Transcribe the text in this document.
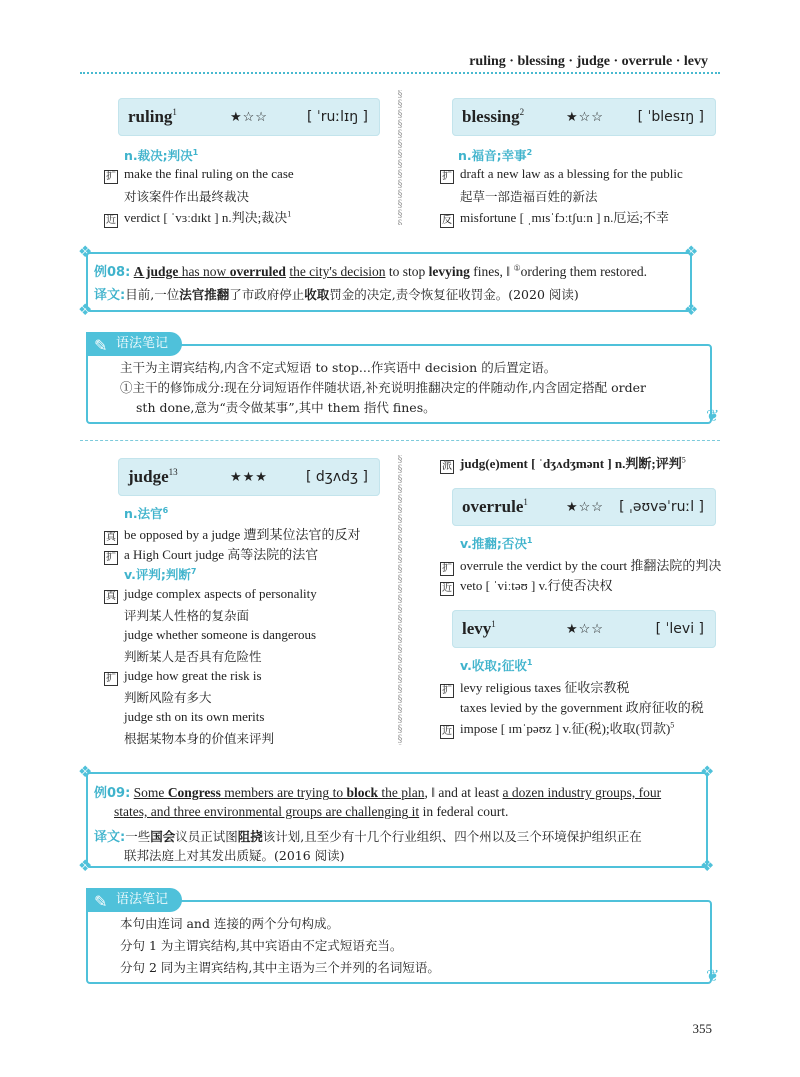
ruling · blessing · judge · overrule · levy
§§§§§§§§§§§§§§§§§§§§§§§§§§§§§§§§§§§§§§§§§§§§§§§§§§§
§§§§§§§§§§§§§§§§§§§§§§§§§§§§§§§§§§§§§§§§§§§§§§§§§§§
ruling$^1$	★☆☆	[ ˈruːlɪŋ ]
n.裁决;判决$^1$
扩 make the final ruling on the case
对该案件作出最终裁决
近 verdict [ ˈvɜːdɪkt ] n.判决;裁决$^1$
blessing$^2$	★☆☆ [ ˈblesɪŋ ]
n.福音;幸事$^2$
扩 draft a new law as a blessing for the public
起草一部造福百姓的新法
反 misfortune [ ˌmɪsˈfɔːtʃuːn ] n.厄运;不幸
例08: A judge has now overruled the city's decision to stop levying fines, ‖ ①ordering them restored.
译文:目前,一位法官推翻了市政府停止收取罚金的决定,责令恢复征收罚金。(2020 阅读)
❖	❖
❖	❖
✎ 语法笔记
主干为主谓宾结构,内含不定式短语 to stop...作宾语中 decision 的后置定语。
①主干的修饰成分:现在分词短语作伴随状语,补充说明推翻决定的伴随动作,内含固定搭配 order
sth done,意为“责令做某事”,其中 them 指代 fines。	❦
judge$^{13}$	★★★	[ dʒʌdʒ ]
n.法官$^6$
真 be opposed by a judge 遭到某位法官的反对
扩 a High Court judge 高等法院的法官
v.评判;判断$^7$
真 judge complex aspects of personality
评判某人性格的复杂面
judge whether someone is dangerous
判断某人是否具有危险性
扩 judge how great the risk is
判断风险有多大
judge sth on its own merits
根据某物本身的价值来评判
派 judg(e)ment [ ˈdʒʌdʒmənt ] n.判断;评判$^5$
overrule$^1$	★☆☆ [ ˌəʊvəˈruːl ]
v.推翻;否决$^1$
扩 overrule the verdict by the court 推翻法院的判决
近 veto [ ˈviːtəʊ ] v.行使否决权
levy$^1$	★☆☆	[ ˈlevi ]
v.收取;征收$^1$
扩 levy religious taxes 征收宗教税
taxes levied by the government 政府征收的税
近 impose [ ɪmˈpəʊz ] v.征(税);收取(罚款)$^5$
例09: Some Congress members are trying to block the plan, ‖ and at least a dozen industry groups, four
states, and three environmental groups are challenging it in federal court.
译文:一些国会议员正试图阻挠该计划,且至少有十几个行业组织、四个州以及三个环境保护组织正在
联邦法庭上对其发出质疑。(2016 阅读)
❖	❖
❖	❖
✎ 语法笔记
本句由连词 and 连接的两个分句构成。
分句 1 为主谓宾结构,其中宾语由不定式短语充当。
分句 2 同为主谓宾结构,其中主语为三个并列的名词短语。	❦
355
